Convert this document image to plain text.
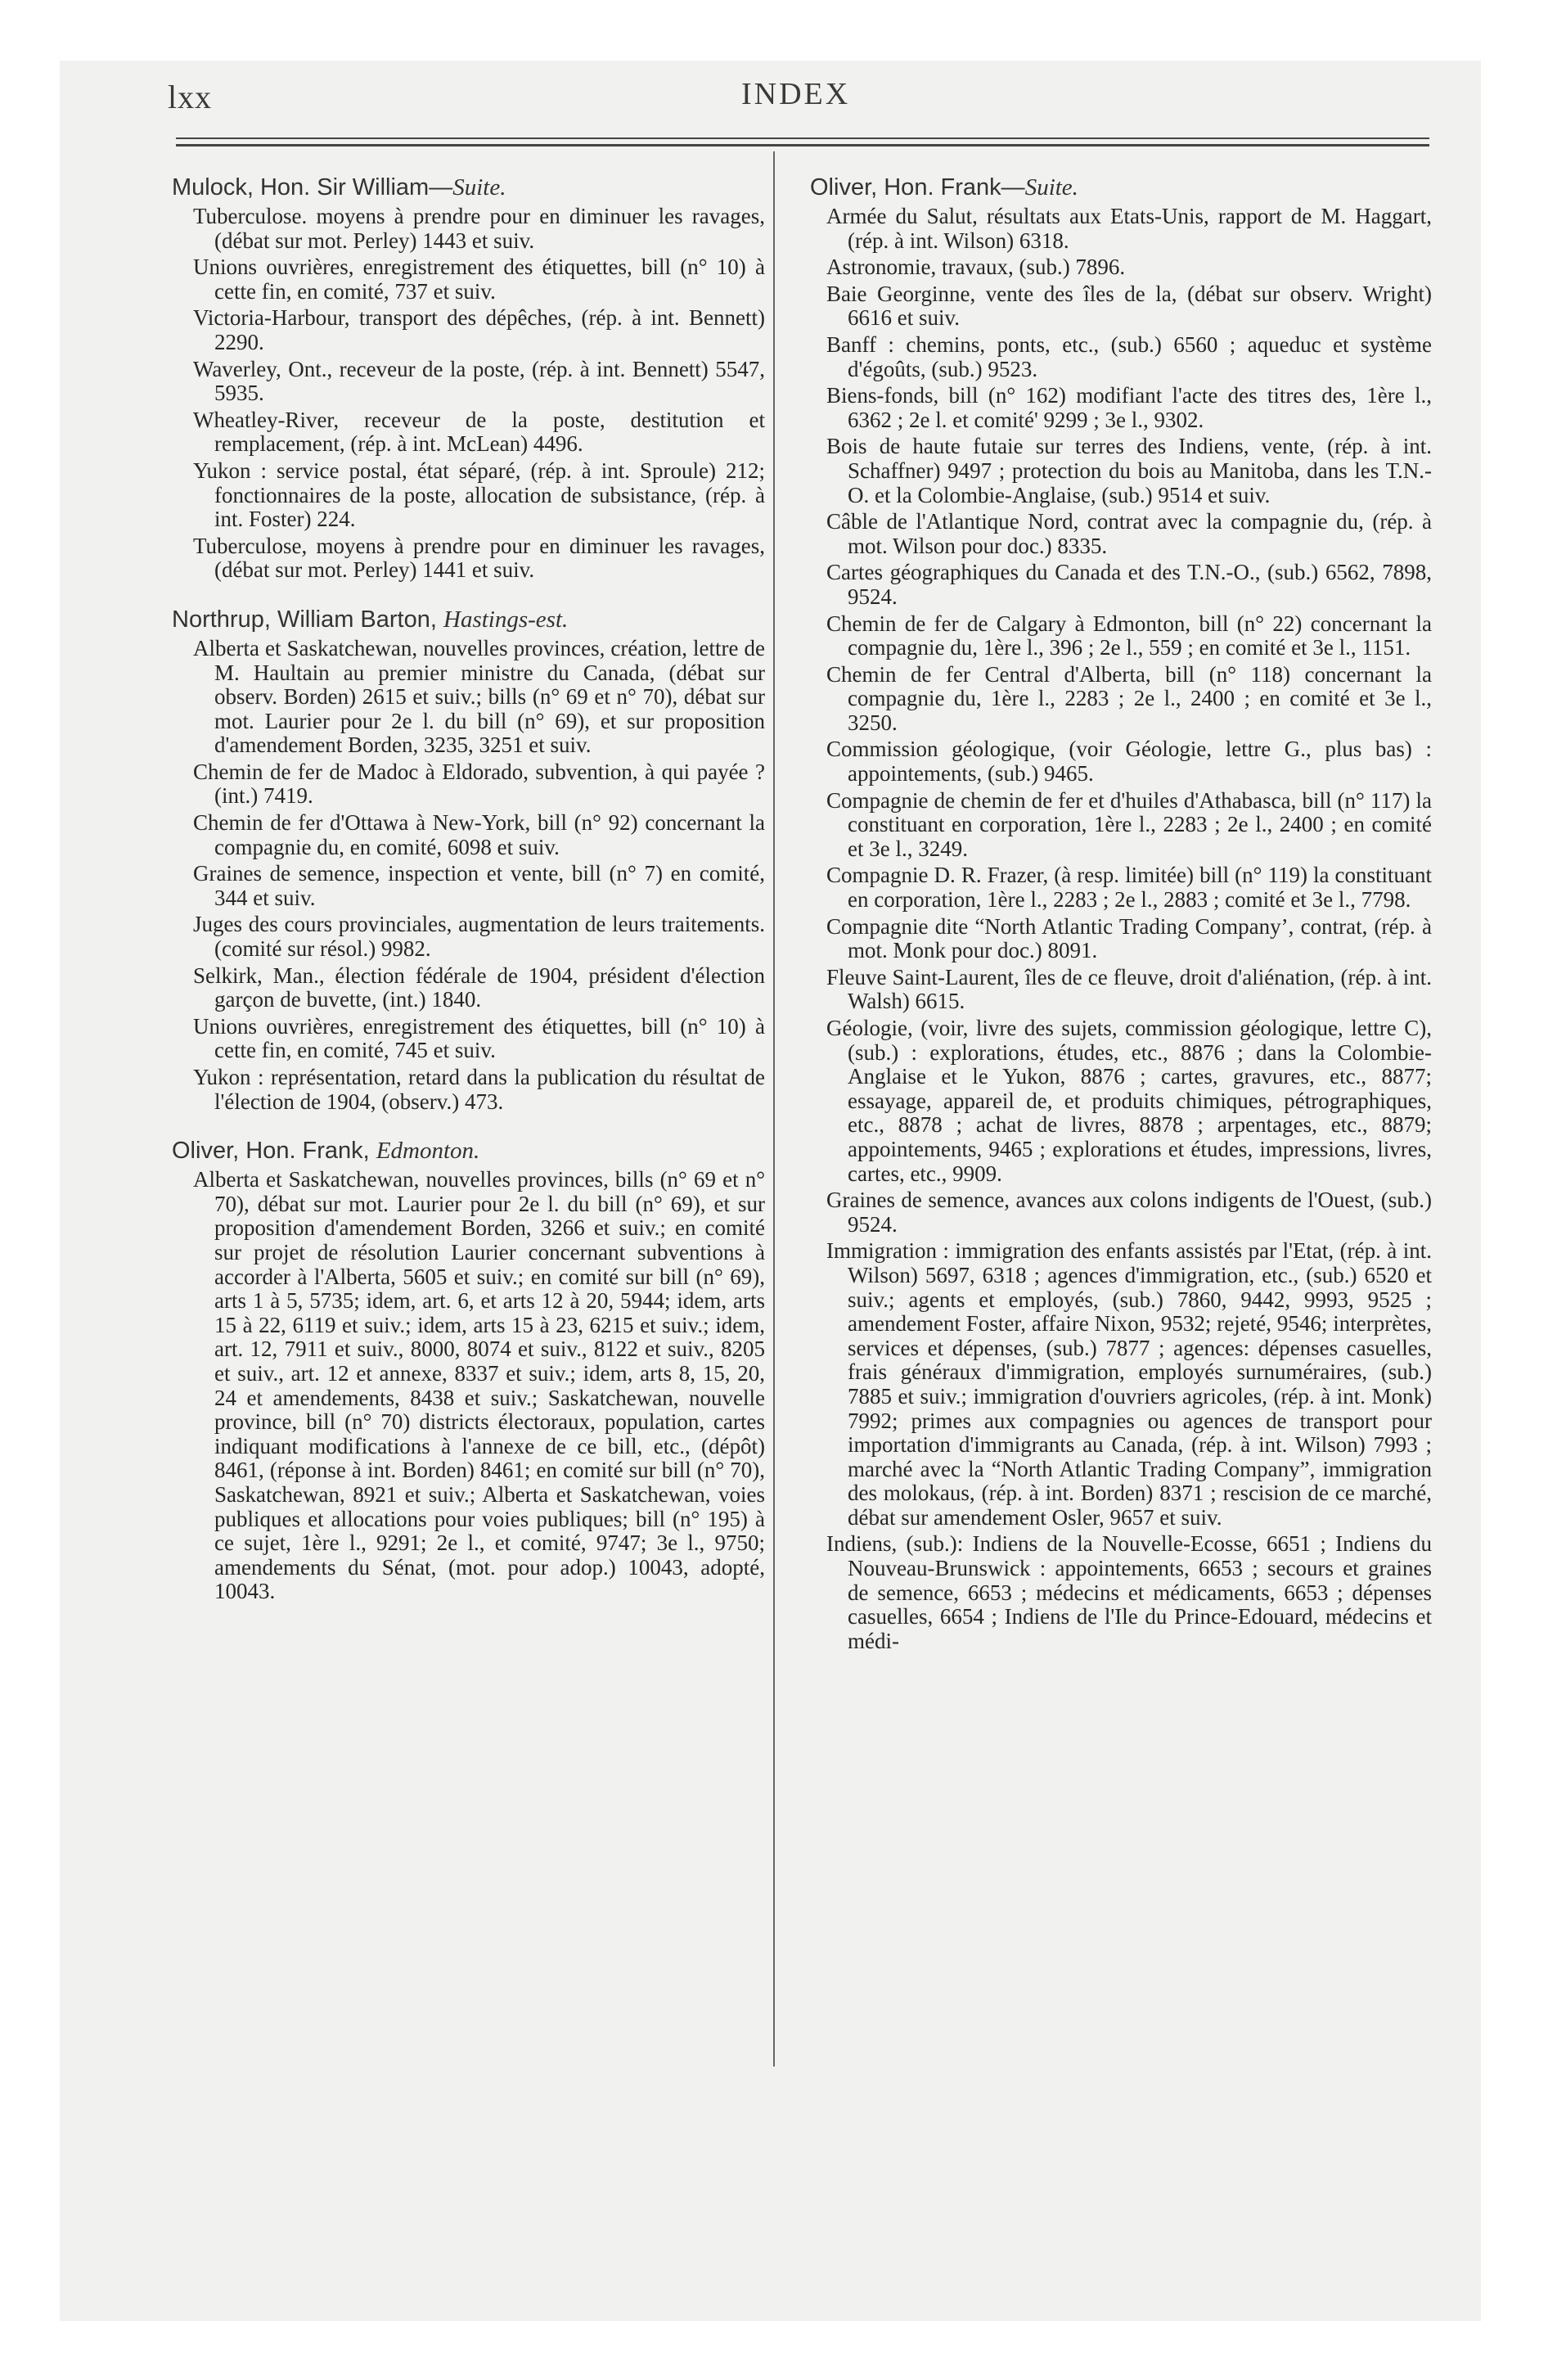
lxx	INDEX
Mulock, Hon. Sir William—Suite.
Tuberculose. moyens à prendre pour en diminuer les ravages, (débat sur mot. Perley) 1443 et suiv.
Unions ouvrières, enregistrement des étiquettes, bill (n° 10) à cette fin, en comité, 737 et suiv.
Victoria-Harbour, transport des dépêches, (rép. à int. Bennett) 2290.
Waverley, Ont., receveur de la poste, (rép. à int. Bennett) 5547, 5935.
Wheatley-River, receveur de la poste, destitution et remplacement, (rép. à int. McLean) 4496.
Yukon : service postal, état séparé, (rép. à int. Sproule) 212; fonctionnaires de la poste, allocation de subsistance, (rép. à int. Foster) 224.
Tuberculose, moyens à prendre pour en diminuer les ravages, (débat sur mot. Perley) 1441 et suiv.
Northrup, William Barton, Hastings-est.
Alberta et Saskatchewan, nouvelles provinces, création, lettre de M. Haultain au premier ministre du Canada, (débat sur observ. Borden) 2615 et suiv.; bills (n° 69 et n° 70), débat sur mot. Laurier pour 2e l. du bill (n° 69), et sur proposition d'amendement Borden, 3235, 3251 et suiv.
Chemin de fer de Madoc à Eldorado, subvention, à qui payée ? (int.) 7419.
Chemin de fer d'Ottawa à New-York, bill (n° 92) concernant la compagnie du, en comité, 6098 et suiv.
Graines de semence, inspection et vente, bill (n° 7) en comité, 344 et suiv.
Juges des cours provinciales, augmentation de leurs traitements. (comité sur résol.) 9982.
Selkirk, Man., élection fédérale de 1904, président d'élection garçon de buvette, (int.) 1840.
Unions ouvrières, enregistrement des étiquettes, bill (n° 10) à cette fin, en comité, 745 et suiv.
Yukon : représentation, retard dans la publication du résultat de l'élection de 1904, (observ.) 473.
Oliver, Hon. Frank, Edmonton.
Alberta et Saskatchewan, nouvelles provinces, bills (n° 69 et n° 70), débat sur mot. Laurier pour 2e l. du bill (n° 69), et sur proposition d'amendement Borden, 3266 et suiv.; en comité sur projet de résolution Laurier concernant subventions à accorder à l'Alberta, 5605 et suiv.; en comité sur bill (n° 69), arts 1 à 5, 5735; idem, art. 6, et arts 12 à 20, 5944; idem, arts 15 à 22, 6119 et suiv.; idem, arts 15 à 23, 6215 et suiv.; idem, art. 12, 7911 et suiv., 8000, 8074 et suiv., 8122 et suiv., 8205 et suiv., art. 12 et annexe, 8337 et suiv.; idem, arts 8, 15, 20, 24 et amendements, 8438 et suiv.; Saskatchewan, nouvelle province, bill (n° 70) districts électoraux, population, cartes indiquant modifications à l'annexe de ce bill, etc., (dépôt) 8461, (réponse à int. Borden) 8461; en comité sur bill (n° 70), Saskatchewan, 8921 et suiv.; Alberta et Saskatchewan, voies publiques et allocations pour voies publiques; bill (n° 195) à ce sujet, 1ère l., 9291; 2e l., et comité, 9747; 3e l., 9750; amendements du Sénat, (mot. pour adop.) 10043, adopté, 10043.
Oliver, Hon. Frank—Suite.
Armée du Salut, résultats aux Etats-Unis, rapport de M. Haggart, (rép. à int. Wilson) 6318.
Astronomie, travaux, (sub.) 7896.
Baie Georginne, vente des îles de la, (débat sur observ. Wright) 6616 et suiv.
Banff : chemins, ponts, etc., (sub.) 6560 ; aqueduc et système d'égoûts, (sub.) 9523.
Biens-fonds, bill (n° 162) modifiant l'acte des titres des, 1ère l., 6362 ; 2e l. et comité' 9299 ; 3e l., 9302.
Bois de haute futaie sur terres des Indiens, vente, (rép. à int. Schaffner) 9497 ; protection du bois au Manitoba, dans les T.N.-O. et la Colombie-Anglaise, (sub.) 9514 et suiv.
Câble de l'Atlantique Nord, contrat avec la compagnie du, (rép. à mot. Wilson pour doc.) 8335.
Cartes géographiques du Canada et des T.N.-O., (sub.) 6562, 7898, 9524.
Chemin de fer de Calgary à Edmonton, bill (n° 22) concernant la compagnie du, 1ère l., 396 ; 2e l., 559 ; en comité et 3e l., 1151.
Chemin de fer Central d'Alberta, bill (n° 118) concernant la compagnie du, 1ère l., 2283 ; 2e l., 2400 ; en comité et 3e l., 3250.
Commission géologique, (voir Géologie, lettre G., plus bas) : appointements, (sub.) 9465.
Compagnie de chemin de fer et d'huiles d'Athabasca, bill (n° 117) la constituant en corporation, 1ère l., 2283 ; 2e l., 2400 ; en comité et 3e l., 3249.
Compagnie D. R. Frazer, (à resp. limitée) bill (n° 119) la constituant en corporation, 1ère l., 2283 ; 2e l., 2883 ; comité et 3e l., 7798.
Compagnie dite “North Atlantic Trading Company’, contrat, (rép. à mot. Monk pour doc.) 8091.
Fleuve Saint-Laurent, îles de ce fleuve, droit d'aliénation, (rép. à int. Walsh) 6615.
Géologie, (voir, livre des sujets, commission géologique, lettre C), (sub.) : explorations, études, etc., 8876 ; dans la Colombie-Anglaise et le Yukon, 8876 ; cartes, gravures, etc., 8877; essayage, appareil de, et produits chimiques, pétrographiques, etc., 8878 ; achat de livres, 8878 ; arpentages, etc., 8879; appointements, 9465 ; explorations et études, impressions, livres, cartes, etc., 9909.
Graines de semence, avances aux colons indigents de l'Ouest, (sub.) 9524.
Immigration : immigration des enfants assistés par l'Etat, (rép. à int. Wilson) 5697, 6318 ; agences d'immigration, etc., (sub.) 6520 et suiv.; agents et employés, (sub.) 7860, 9442, 9993, 9525 ; amendement Foster, affaire Nixon, 9532; rejeté, 9546; interprètes, services et dépenses, (sub.) 7877 ; agences: dépenses casuelles, frais généraux d'immigration, employés surnuméraires, (sub.) 7885 et suiv.; immigration d'ouvriers agricoles, (rép. à int. Monk) 7992; primes aux compagnies ou agences de transport pour importation d'immigrants au Canada, (rép. à int. Wilson) 7993 ; marché avec la “North Atlantic Trading Company”, immigration des molokaus, (rép. à int. Borden) 8371 ; rescision de ce marché, débat sur amendement Osler, 9657 et suiv.
Indiens, (sub.): Indiens de la Nouvelle-Ecosse, 6651 ; Indiens du Nouveau-Brunswick : appointements, 6653 ; secours et graines de semence, 6653 ; médecins et médicaments, 6653 ; dépenses casuelles, 6654 ; Indiens de l'Ile du Prince-Edouard, médecins et médi-
